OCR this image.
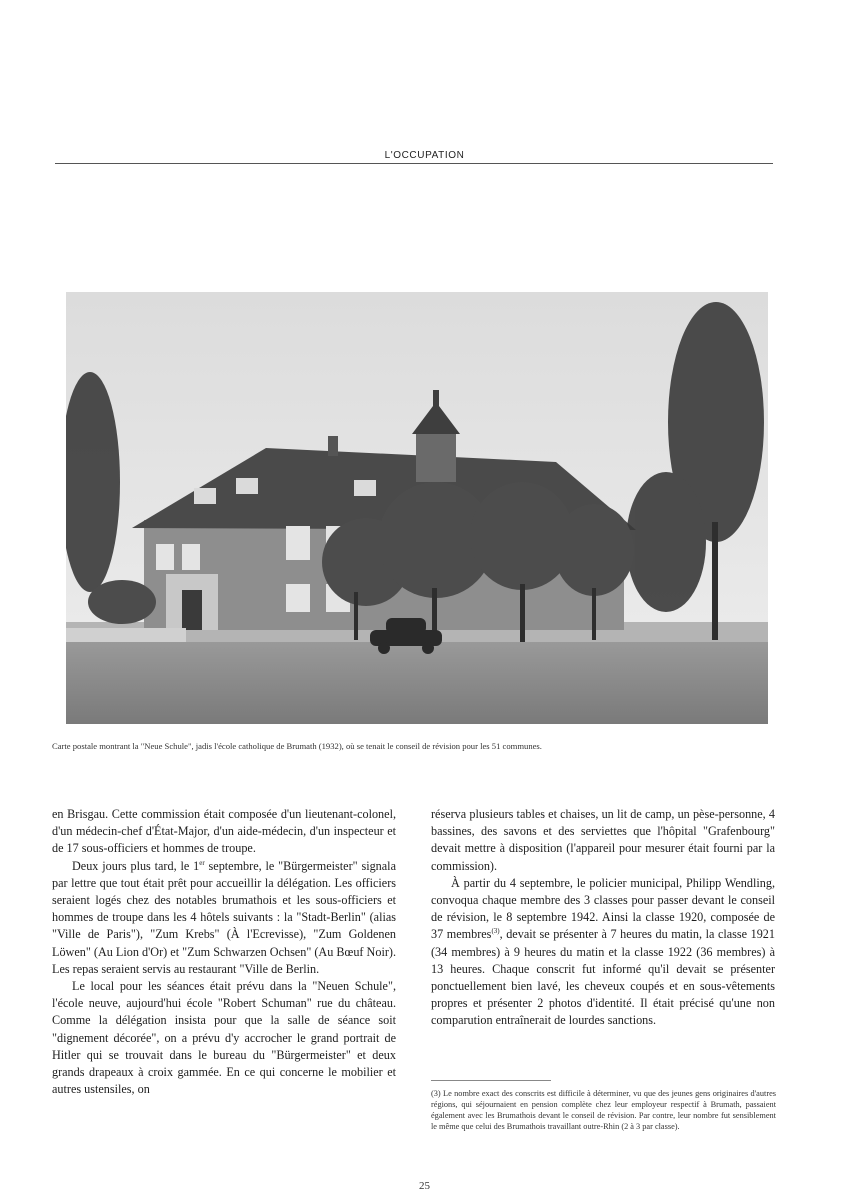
L'OCCUPATION
Carte postale montrant la "Neue Schule", jadis l'école catholique de Brumath (1932), où se tenait le conseil de révision pour les 51 communes.

en Brisgau. Cette commission était composée d'un lieutenant-colonel, d'un médecin-chef d'État-Major, d'un aide-médecin, d'un inspecteur et de 17 sous-officiers et hommes de troupe.

Deux jours plus tard, le 1er septembre, le "Bürgermeister" signala par lettre que tout était prêt pour accueillir la délégation. Les officiers seraient logés chez des notables brumathois et les sous-officiers et hommes de troupe dans les 4 hôtels suivants : la "Stadt-Berlin" (alias "Ville de Paris"), "Zum Krebs" (À l'Ecrevisse), "Zum Goldenen Löwen" (Au Lion d'Or) et "Zum Schwarzen Ochsen" (Au Bœuf Noir). Les repas seraient servis au restaurant "Ville de Berlin.

Le local pour les séances était prévu dans la "Neuen Schule", l'école neuve, aujourd'hui école "Robert Schuman" rue du château. Comme la délégation insista pour que la salle de séance soit "dignement décorée", on a prévu d'y accrocher le grand portrait de Hitler qui se trouvait dans le bureau du "Bürgermeister" et deux grands drapeaux à croix gammée. En ce qui concerne le mobilier et autres ustensiles, on

réserva plusieurs tables et chaises, un lit de camp, un pèse-personne, 4 bassines, des savons et des serviettes que l'hôpital "Grafenbourg" devait mettre à disposition (l'appareil pour mesurer était fourni par la commission).

À partir du 4 septembre, le policier municipal, Philipp Wendling, convoqua chaque membre des 3 classes pour passer devant le conseil de révision, le 8 septembre 1942. Ainsi la classe 1920, composée de 37 membres$^{(3)}$, devait se présenter à 7 heures du matin, la classe 1921 (34 membres) à 9 heures du matin et la classe 1922 (36 membres) à 13 heures. Chaque conscrit fut informé qu'il devait se présenter ponctuellement bien lavé, les cheveux coupés et en sous-vêtements propres et présenter 2 photos d'identité. Il était précisé qu'une non comparution entraînerait de lourdes sanctions.

(3) Le nombre exact des conscrits est difficile à déterminer, vu que des jeunes gens originaires d'autres régions, qui séjournaient en pension complète chez leur employeur respectif à Brumath, passaient également avec les Brumathois devant le conseil de révision. Par contre, leur nombre fut sensiblement le même que celui des Brumathois travaillant outre-Rhin (2 à 3 par classe).
25
